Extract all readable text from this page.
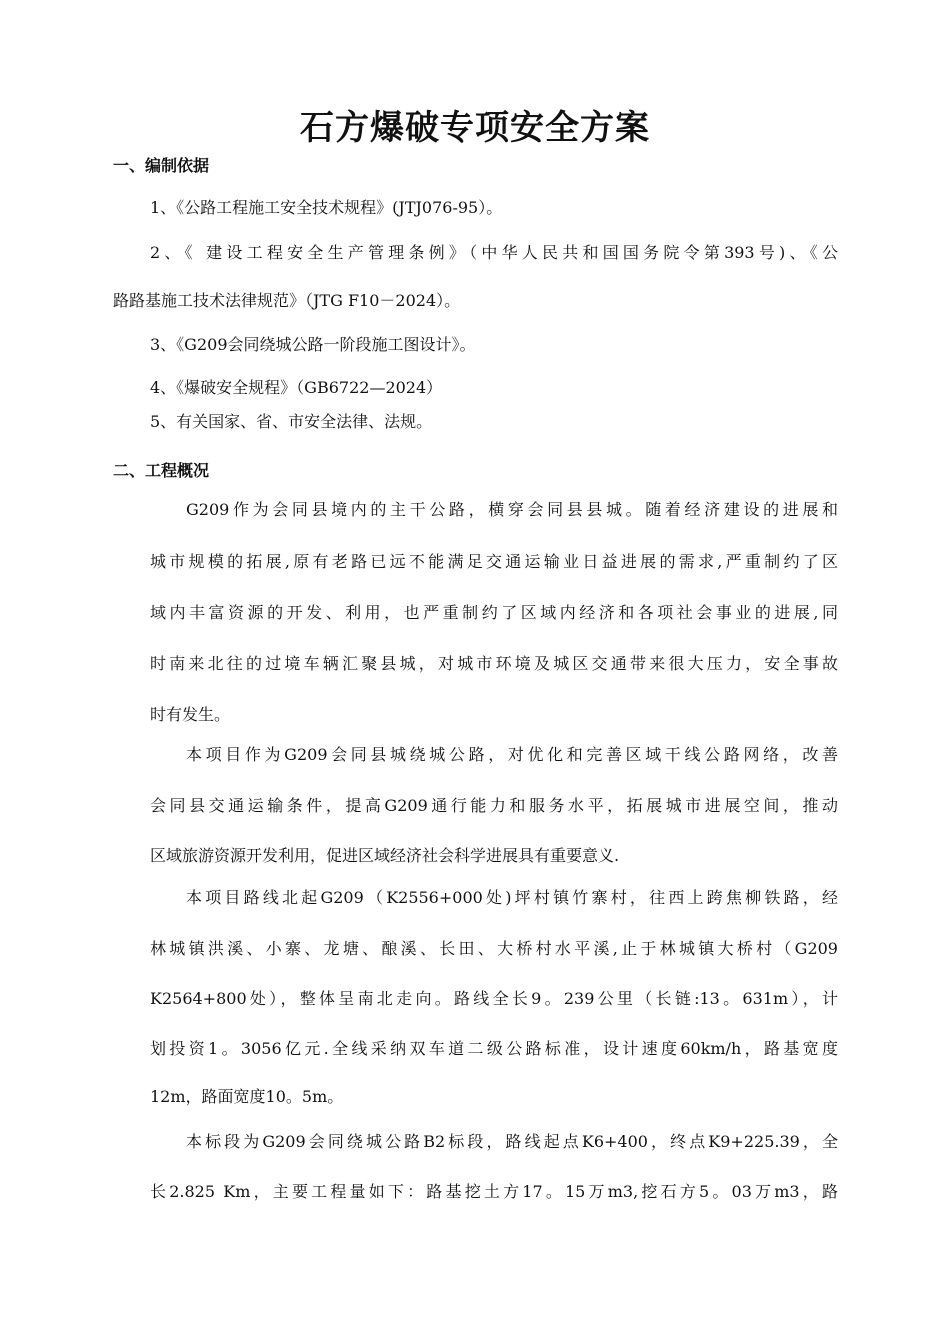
石方爆破专项安全方案
一、编制依据

1、《公路工程施工安全技术规程》(JTJ076-95）。

2、《 建设工程安全生产管理条例》（中华人民共和国国务院令第393号)、《公

路路基施工技术法律规范》（JTG F10－2024）。

3、《G209会同绕城公路一阶段施工图设计》。

4、《爆破安全规程》（GB6722—2024）

5、有关国家、省、市安全法律、法规。

二、工程概况

G209作为会同县境内的主干公路，横穿会同县县城。随着经济建设的进展和

城市规模的拓展,原有老路已远不能满足交通运输业日益进展的需求,严重制约了区

域内丰富资源的开发、利用，也严重制约了区域内经济和各项社会事业的进展,同

时南来北往的过境车辆汇聚县城，对城市环境及城区交通带来很大压力，安全事故

时有发生。

本项目作为G209会同县城绕城公路，对优化和完善区域干线公路网络，改善

会同县交通运输条件，提高G209通行能力和服务水平，拓展城市进展空间，推动

区域旅游资源开发利用，促进区域经济社会科学进展具有重要意义.

本项目路线北起G209（K2556+000处)坪村镇竹寨村，往西上跨焦柳铁路，经

林城镇洪溪、小寨、龙塘、酿溪、长田、大桥村水平溪,止于林城镇大桥村（G209

K2564+800处），整体呈南北走向。路线全长9。239公里（长链:13。631m），计

划投资1。3056亿元.全线采纳双车道二级公路标准，设计速度60km/h，路基宽度

12m，路面宽度10。5m。

本标段为G209会同绕城公路B2标段，路线起点K6+400，终点K9+225.39，全

长2.825 Km，主要工程量如下：路基挖土方17。15万m3,挖石方5。03万m3，路
